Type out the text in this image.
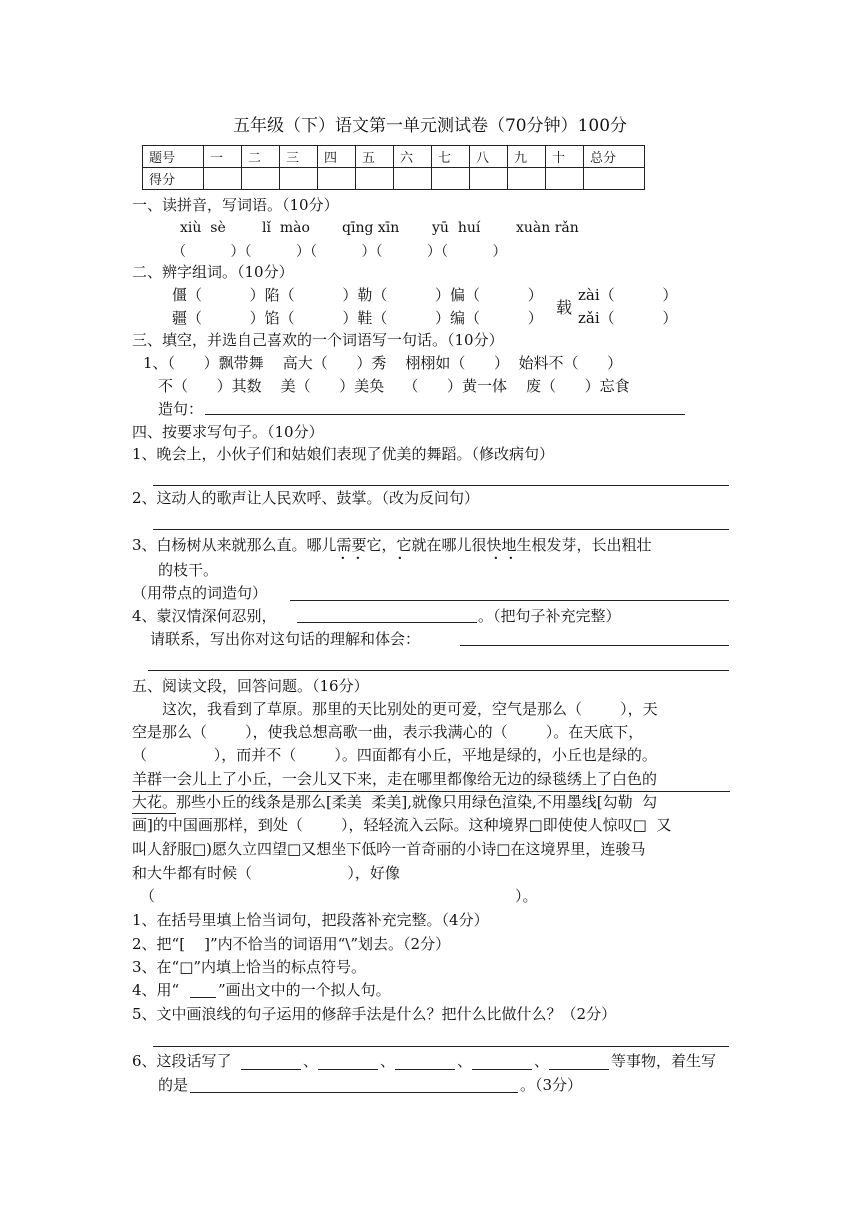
五年级（下）语文第一单元测试卷（70分钟）100分
题号	一	二	三	四	五	六	七	八	九	十	总分
得分											
一、读拼音，写词语。（10分）
xiù  sè	lǐ  mào qīng xīn yū  huí	xuàn rǎn
（          ）（          ）（          ）（          ）（          ）
二、辨字组词。（10分）
僵（          ）陷（          ）勒（          ）偏（          ）
疆（          ）馅（          ）鞋（          ）编（          ）
载
zài（          ）
zǎi（          ）
三、填空，并选自己喜欢的一个词语写一句话。（10分）
1、（      ）飘带舞    高大（      ）秀    栩栩如（      ）  始料不（      ）
不（      ）其数    美（      ）美奂    （      ）黄一体    废（      ）忘食
造句：
四、按要求写句子。（10分）
1、晚会上，小伙子们和姑娘们表现了优美的舞蹈。（修改病句）
2、这动人的歌声让人民欢呼、鼓掌。（改为反问句）
3、白杨树从来就那么直。哪儿需要它，它就在哪儿很快地生根发芽，长出粗壮
· · ·	· ·
的枝干。
（用带点的词造句）
4、蒙汉情深何忍别，	。（把句子补充完整）
请联系，写出你对这句话的理解和体会：
五、阅读文段，回答问题。（16分）
这次，我看到了草原。那里的天比别处的更可爱，空气是那么（        ），天
空是那么（        ），使我总想高歌一曲，表示我满心的（        ）。在天底下，
（              ），而并不（        ）。四面都有小丘，平地是绿的，小丘也是绿的。
羊群一会儿上了小丘，一会儿又下来，走在哪里都像给无边的绿毯绣上了白色的
大花。
那些小丘的线条是那么[柔美  柔美],就像只用绿色渲染,不用墨线[勾勒  勾
画]的中国画那样，到处（        ），轻轻流入云际。这种境界□即使使人惊叹□  又
叫人舒服□)愿久立四望□又想坐下低吟一首奇丽的小诗□在这境界里，连骏马
和大牛都有时候（                    ），好像
（	）。
1、在括号里填上恰当词句，把段落补充完整。（4分）
2、把“[    ]”内不恰当的词语用“\”划去。（2分）
3、在“□”内填上恰当的标点符号。
4、用“	”画出文中的一个拟人句。
5、文中画浪线的句子运用的修辞手法是什么？把什么比做什么？（2分）
6、这段话写了	、	、	、	、	等事物，着生写
的是	。（3分）
